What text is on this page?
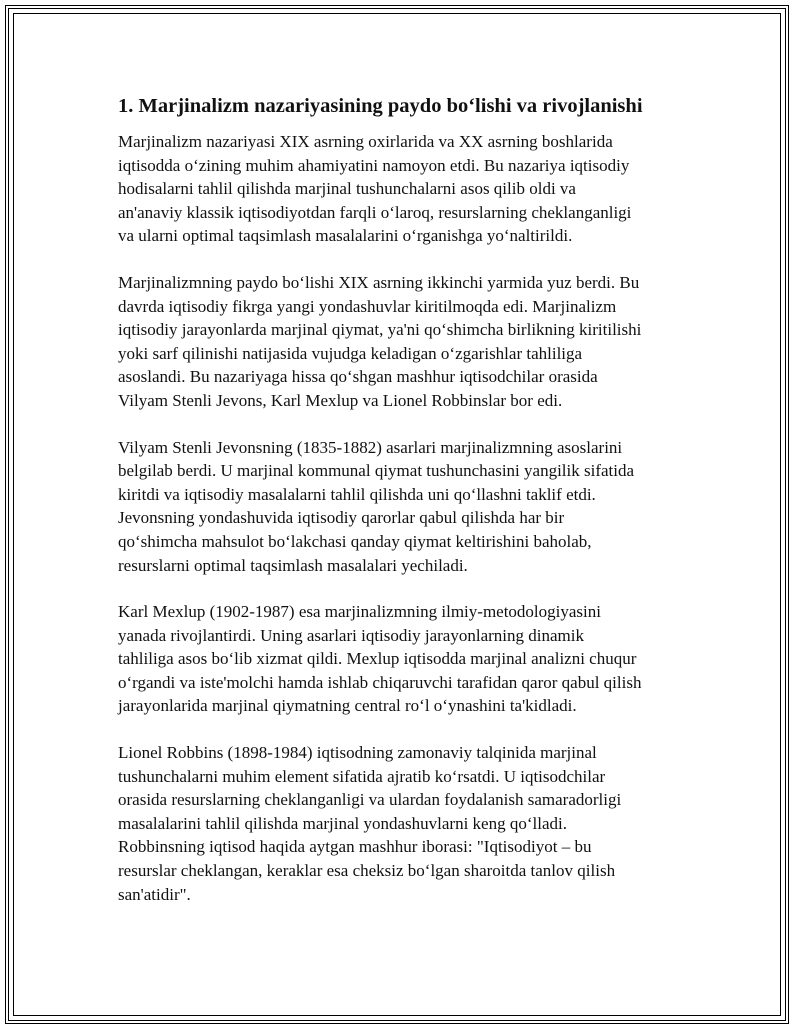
1. Marjinalizm nazariyasining paydo bo‘lishi va rivojlanishi

Marjinalizm nazariyasi XIX asrning oxirlarida va XX asrning boshlarida
iqtisodda o‘zining muhim ahamiyatini namoyon etdi. Bu nazariya iqtisodiy
hodisalarni tahlil qilishda marjinal tushunchalarni asos qilib oldi va
an'anaviy klassik iqtisodiyotdan farqli o‘laroq, resurslarning cheklanganligi
va ularni optimal taqsimlash masalalarini o‘rganishga yo‘naltirildi.

Marjinalizmning paydo bo‘lishi XIX asrning ikkinchi yarmida yuz berdi. Bu
davrda iqtisodiy fikrga yangi yondashuvlar kiritilmoqda edi. Marjinalizm
iqtisodiy jarayonlarda marjinal qiymat, ya'ni qo‘shimcha birlikning kiritilishi
yoki sarf qilinishi natijasida vujudga keladigan o‘zgarishlar tahliliga
asoslandi. Bu nazariyaga hissa qo‘shgan mashhur iqtisodchilar orasida
Vilyam Stenli Jevons, Karl Mexlup va Lionel Robbinslar bor edi.

Vilyam Stenli Jevonsning (1835-1882) asarlari marjinalizmning asoslarini
belgilab berdi. U marjinal kommunal qiymat tushunchasini yangilik sifatida
kiritdi va iqtisodiy masalalarni tahlil qilishda uni qo‘llashni taklif etdi.
Jevonsning yondashuvida iqtisodiy qarorlar qabul qilishda har bir
qo‘shimcha mahsulot bo‘lakchasi qanday qiymat keltirishini baholab,
resurslarni optimal taqsimlash masalalari yechiladi.

Karl Mexlup (1902-1987) esa marjinalizmning ilmiy-metodologiyasini
yanada rivojlantirdi. Uning asarlari iqtisodiy jarayonlarning dinamik
tahliliga asos bo‘lib xizmat qildi. Mexlup iqtisodda marjinal analizni chuqur
o‘rgandi va iste'molchi hamda ishlab chiqaruvchi tarafidan qaror qabul qilish
jarayonlarida marjinal qiymatning central ro‘l o‘ynashini ta'kidladi.

Lionel Robbins (1898-1984) iqtisodning zamonaviy talqinida marjinal
tushunchalarni muhim element sifatida ajratib ko‘rsatdi. U iqtisodchilar
orasida resurslarning cheklanganligi va ulardan foydalanish samaradorligi
masalalarini tahlil qilishda marjinal yondashuvlarni keng qo‘lladi.
Robbinsning iqtisod haqida aytgan mashhur iborasi: "Iqtisodiyot – bu
resurslar cheklangan, keraklar esa cheksiz bo‘lgan sharoitda tanlov qilish
san'atidir".
